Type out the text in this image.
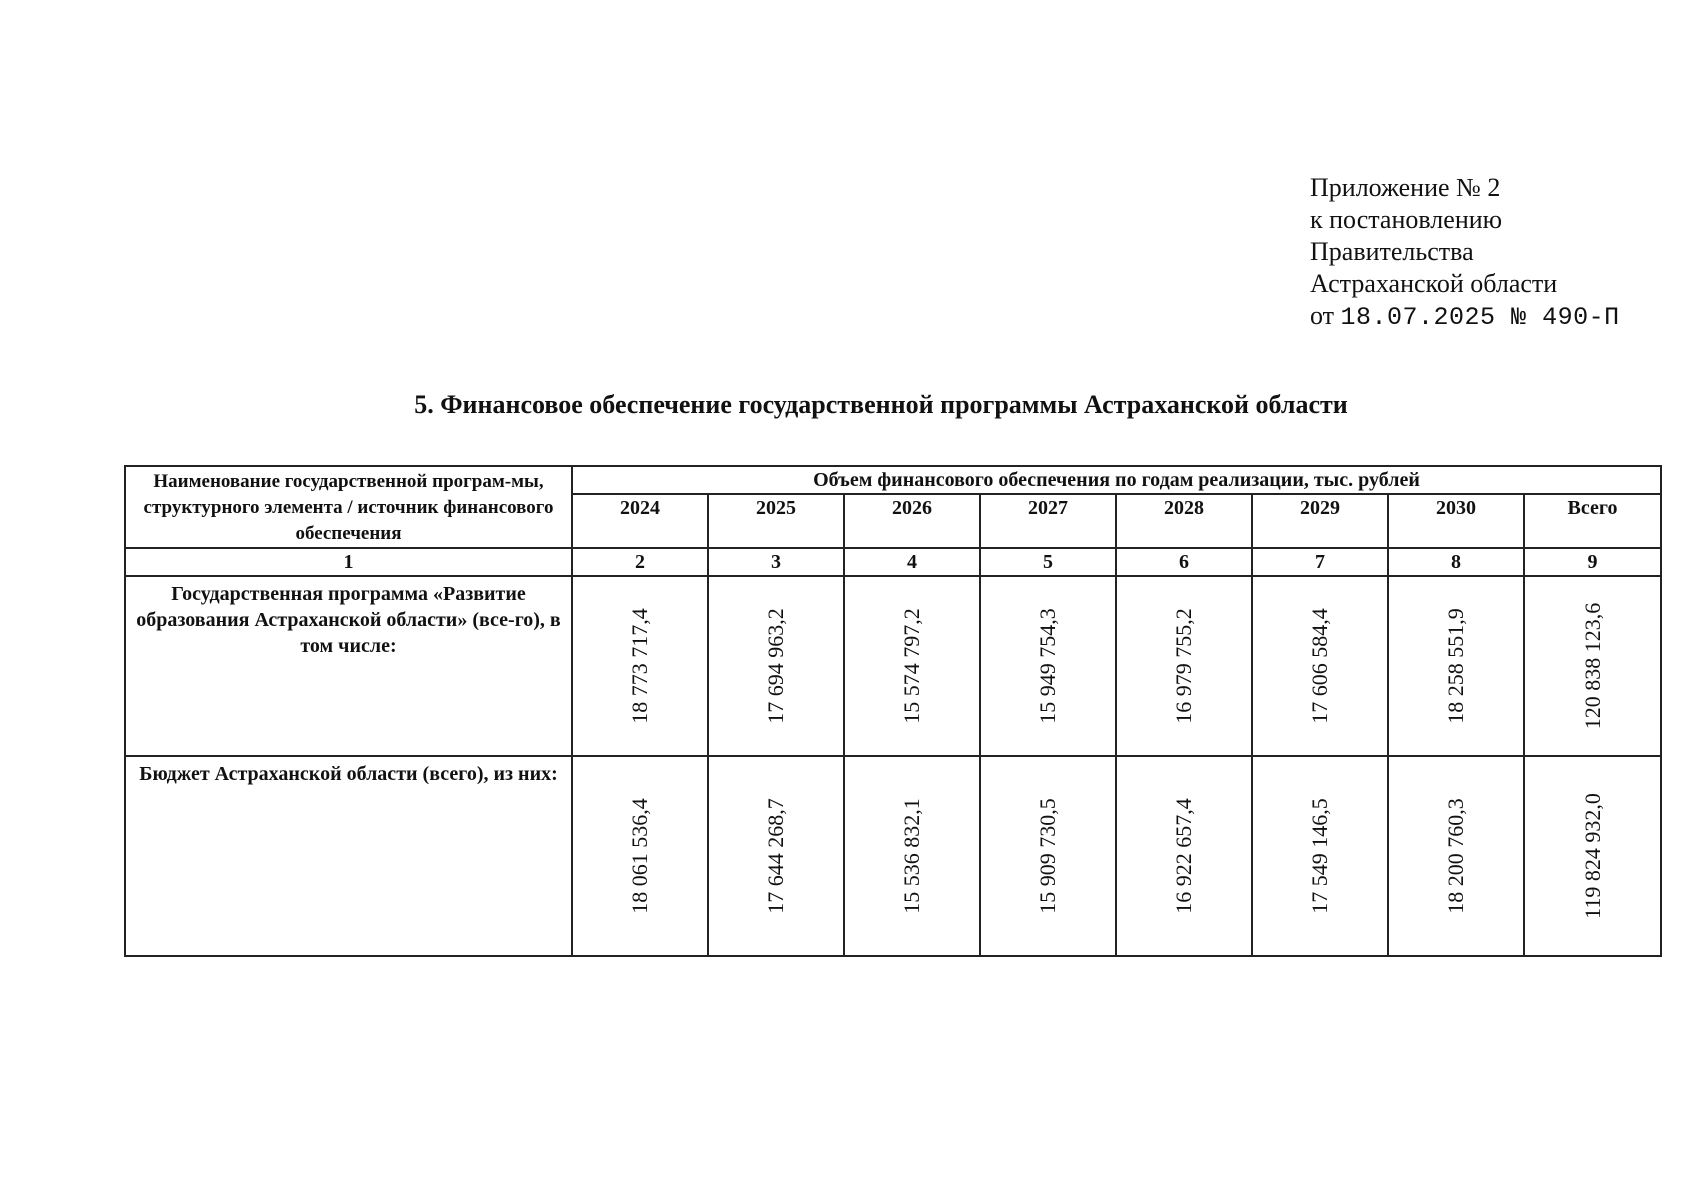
Приложение № 2
к постановлению
Правительства
Астраханской области
от 18.07.2025 № 490-П
5. Финансовое обеспечение государственной программы Астраханской области
Наименование государственной програм-мы, структурного элемента / источник финансового обеспечения	Объем финансового обеспечения по годам реализации, тыс. рублей							
	2024	2025	2026	2027	2028	2029	2030	Всего
1	2	3	4	5	6	7	8	9
Государственная программа «Развитие образования Астраханской области» (все-го), в том числе:	18 773 717,4	17 694 963,2	15 574 797,2	15 949 754,3	16 979 755,2	17 606 584,4	18 258 551,9	120 838 123,6

Бюджет Астраханской области (всего), из них:	18 061 536,4	17 644 268,7	15 536 832,1	15 909 730,5	16 922 657,4	17 549 146,5	18 200 760,3	119 824 932,0
